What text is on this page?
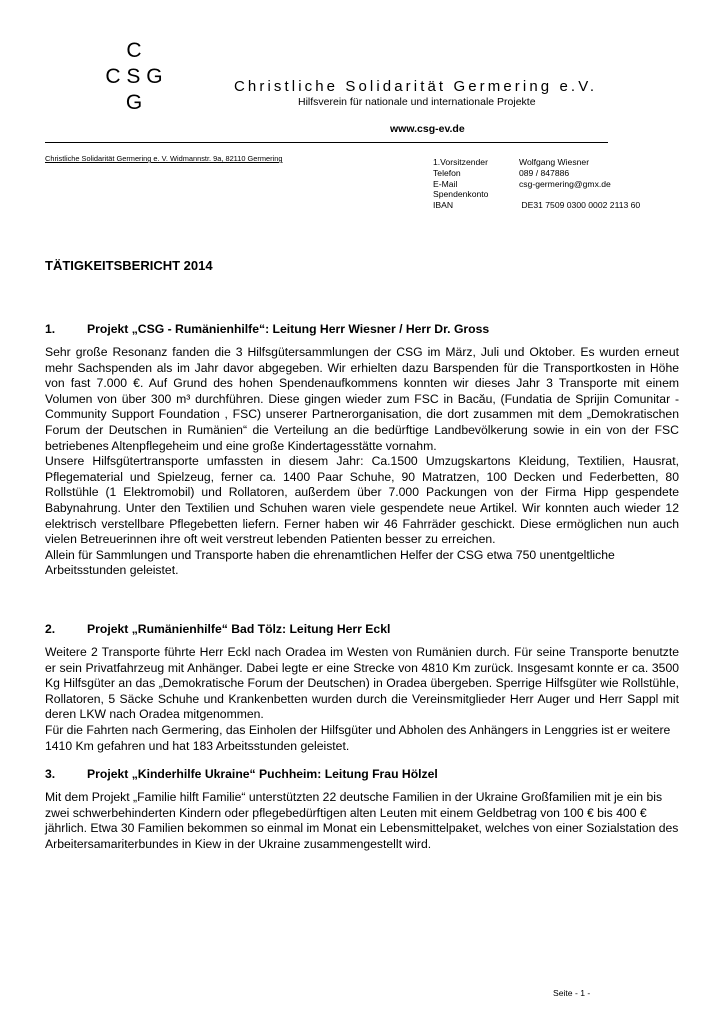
C
C S G
G
Christliche Solidarität Germering e.V.
Hilfsverein für nationale und internationale Projekte
www.csg-ev.de
Christliche Solidarität Germering e. V. Widmannstr. 9a, 82110 Germering	1.Vorsitzender	Wolfgang Wiesner
Telefon	089 / 847886
E-Mail	csg-germering@gmx.de
Spendenkonto
IBAN	DE31 7509 0300 0002 2113 60
TÄTIGKEITSBERICHT 2014
1.	Projekt „CSG - Rumänienhilfe“: Leitung Herr Wiesner / Herr Dr. Gross

Sehr große Resonanz fanden die 3 Hilfsgütersammlungen der CSG im März, Juli und Oktober. Es wurden erneut mehr Sachspenden als im Jahr davor abgegeben. Wir erhielten dazu Barspenden für die Transportkosten in Höhe von fast 7.000 €. Auf Grund des hohen Spendenaufkommens konnten wir dieses Jahr 3 Transporte mit einem Volumen von über 300 m³ durchführen. Diese gingen wieder zum FSC in Bacău, (Fundatia de Sprijin Comunitar - Community Support Foundation , FSC) unserer Partnerorganisation, die dort zusammen mit dem „Demokratischen Forum der Deutschen in Rumänien“ die Verteilung an die bedürftige Landbevölkerung sowie in ein von der FSC betriebenes Altenpflegeheim und eine große Kindertagesstätte vornahm.

Unsere Hilfsgütertransporte umfassten in diesem Jahr: Ca.1500 Umzugskartons Kleidung, Textilien, Hausrat, Pflegematerial und Spielzeug, ferner ca. 1400 Paar Schuhe, 90 Matratzen, 100 Decken und Federbetten, 80 Rollstühle (1 Elektromobil) und Rollatoren, außerdem über 7.000 Packungen von der Firma Hipp gespendete Babynahrung. Unter den Textilien und Schuhen waren viele gespendete neue Artikel. Wir konnten auch wieder 12 elektrisch verstellbare Pflegebetten liefern. Ferner haben wir 46 Fahrräder geschickt. Diese ermöglichen nun auch vielen Betreuerinnen ihre oft weit verstreut lebenden Patienten besser zu erreichen.

Allein für Sammlungen und Transporte haben die ehrenamtlichen Helfer der CSG etwa 750 unentgeltliche Arbeitsstunden geleistet.

2.	Projekt „Rumänienhilfe“ Bad Tölz: Leitung Herr Eckl

Weitere 2 Transporte führte Herr Eckl nach Oradea im Westen von Rumänien durch. Für seine Transporte benutzte er sein Privatfahrzeug mit Anhänger. Dabei legte er eine Strecke von 4810 Km zurück. Insgesamt konnte er ca. 3500 Kg Hilfsgüter an das „Demokratische Forum der Deutschen) in Oradea übergeben. Sperrige Hilfsgüter wie Rollstühle, Rollatoren, 5 Säcke Schuhe und Krankenbetten wurden durch die Vereinsmitglieder Herr Auger und Herr Sappl mit deren LKW nach Oradea mitgenommen.

Für die Fahrten nach Germering, das Einholen der Hilfsgüter und Abholen des Anhängers in Lenggries ist er weitere 1410 Km gefahren und hat 183 Arbeitsstunden geleistet.

3.	Projekt „Kinderhilfe Ukraine“ Puchheim: Leitung Frau Hölzel

Mit dem Projekt „Familie hilft Familie“ unterstützten 22 deutsche Familien in der Ukraine Großfamilien mit je ein bis zwei schwerbehinderten Kindern oder pflegebedürftigen alten Leuten mit einem Geldbetrag von 100 € bis 400 € jährlich. Etwa 30 Familien bekommen so einmal im Monat ein Lebensmittelpaket, welches von einer Sozialstation des Arbeitersamariterbundes in Kiew in der Ukraine zusammengestellt wird.

Seite - 1 -
